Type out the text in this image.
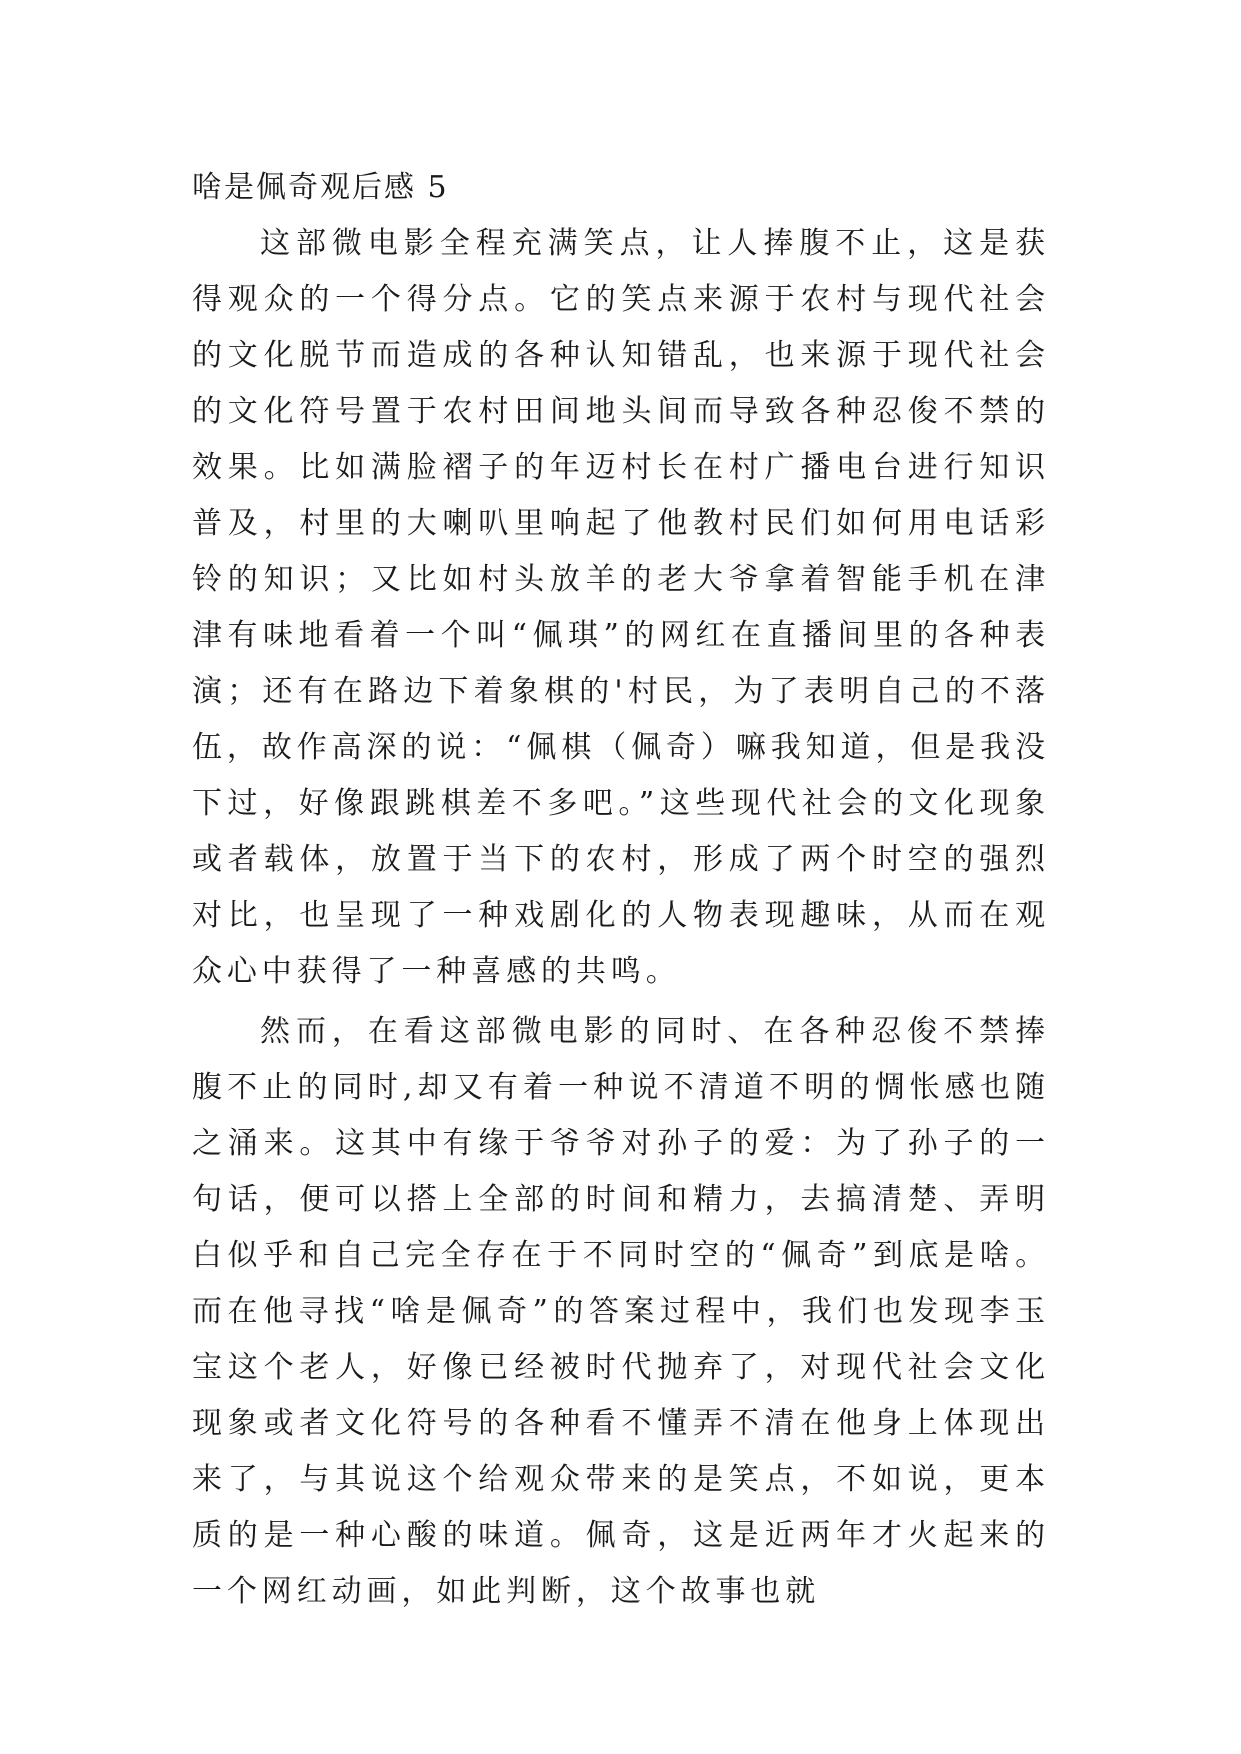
啥是佩奇观后感 5

这部微电影全程充满笑点，让人捧腹不止，这是获得观众的一个得分点。它的笑点来源于农村与现代社会的文化脱节而造成的各种认知错乱，也来源于现代社会的文化符号置于农村田间地头间而导致各种忍俊不禁的效果。比如满脸褶子的年迈村长在村广播电台进行知识普及，村里的大喇叭里响起了他教村民们如何用电话彩铃的知识；又比如村头放羊的老大爷拿着智能手机在津津有味地看着一个叫“佩琪”的网红在直播间里的各种表演；还有在路边下着象棋的'村民，为了表明自己的不落伍，故作高深的说：“佩棋（佩奇）嘛我知道，但是我没下过，好像跟跳棋差不多吧。”这些现代社会的文化现象或者载体，放置于当下的农村，形成了两个时空的强烈对比，也呈现了一种戏剧化的人物表现趣味，从而在观众心中获得了一种喜感的共鸣。

然而，在看这部微电影的同时、在各种忍俊不禁捧腹不止的同时,却又有着一种说不清道不明的惆怅感也随之涌来。这其中有缘于爷爷对孙子的爱：为了孙子的一句话，便可以搭上全部的时间和精力，去搞清楚、弄明白似乎和自己完全存在于不同时空的“佩奇”到底是啥。而在他寻找“啥是佩奇”的答案过程中，我们也发现李玉宝这个老人，好像已经被时代抛弃了，对现代社会文化现象或者文化符号的各种看不懂弄不清在他身上体现出来了，与其说这个给观众带来的是笑点，不如说，更本质的是一种心酸的味道。佩奇，这是近两年才火起来的一个网红动画，如此判断，这个故事也就
